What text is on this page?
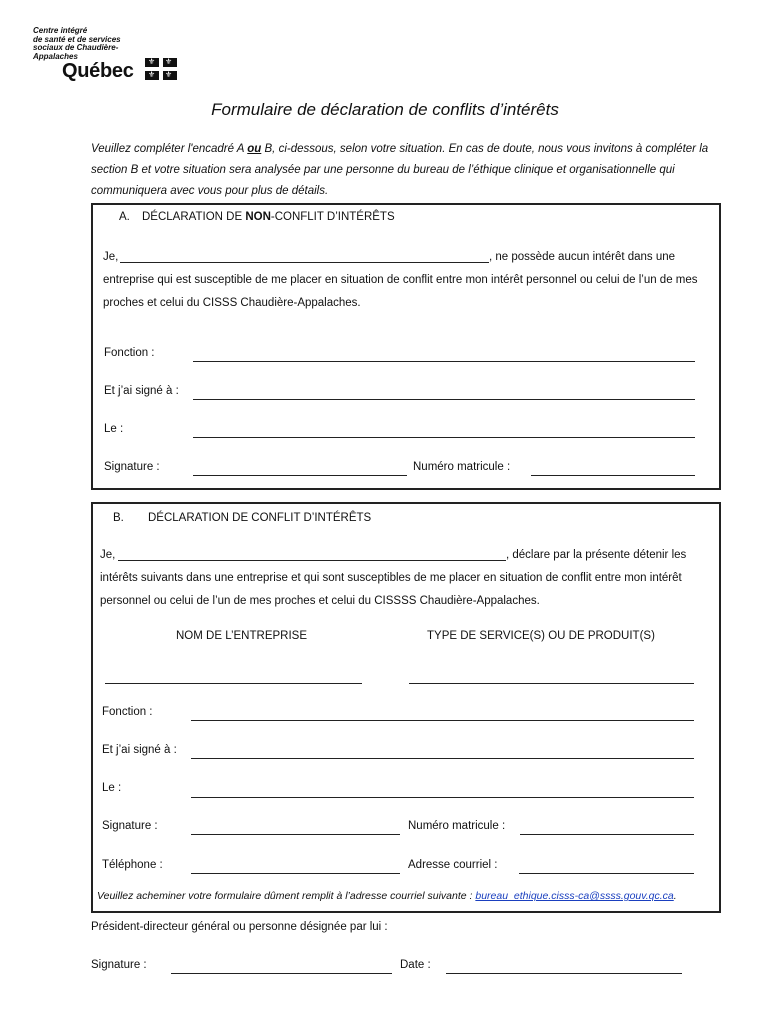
Centre intégré
de santé et de services
sociaux de Chaudière-
Appalaches
Québec ⚜ ⚜
⚜ ⚜
Formulaire de déclaration de conflits d’intérêts
Veuillez compléter l'encadré A ou B, ci-dessous, selon votre situation. En cas de doute, nous vous invitons à compléter la section B et votre situation sera analysée par une personne du bureau de l’éthique clinique et organisationnelle qui communiquera avec vous pour plus de détails.
A. DÉCLARATION DE NON-CONFLIT D’INTÉRÊTS
Je,	, ne possède aucun intérêt dans une
entreprise qui est susceptible de me placer en situation de conflit entre mon intérêt personnel ou celui de l’un de mes
proches et celui du CISSS Chaudière-Appalaches.
Fonction :
Et j’ai signé à :
Le :
Signature :	Numéro matricule :
B. DÉCLARATION DE CONFLIT D’INTÉRÊTS
Je,	, déclare par la présente détenir les
intérêts suivants dans une entreprise et qui sont susceptibles de me placer en situation de conflit entre mon intérêt
personnel ou celui de l’un de mes proches et celui du CISSSS Chaudière-Appalaches.
NOM DE L’ENTREPRISE	TYPE DE SERVICE(S) OU DE PRODUIT(S)
Fonction :
Et j’ai signé à :
Le :
Signature :	Numéro matricule :
Téléphone :	Adresse courriel :
Veuillez acheminer votre formulaire dûment remplit à l’adresse courriel suivante : bureau_ethique.cisss-ca@ssss.gouv.qc.ca.
Président-directeur général ou personne désignée par lui :
Signature :	Date :
